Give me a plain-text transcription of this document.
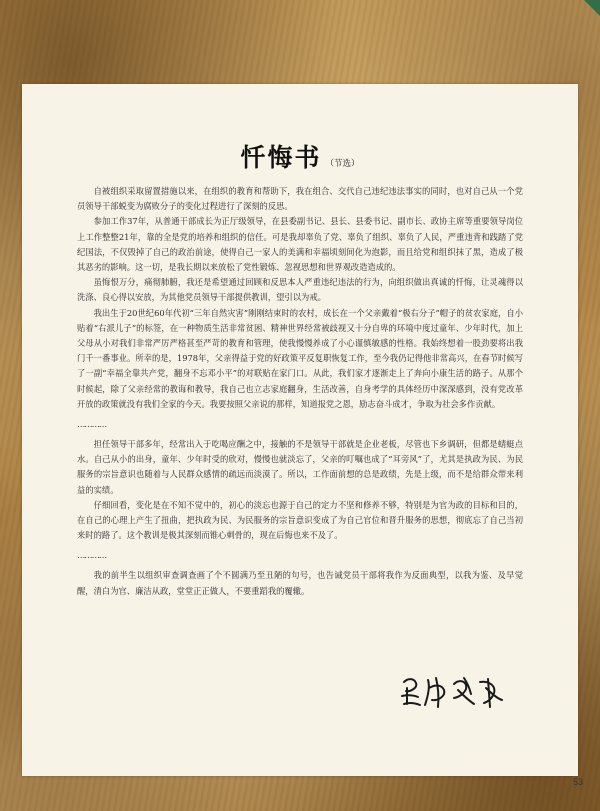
忏悔书 （节选）

自被组织采取留置措施以来，在组织的教育和帮助下，我在组合、交代自己违纪违法事实的同时，也对自己从一个党员领导干部蜕变为腐败分子的变化过程进行了深刻的反思。

参加工作37年，从普通干部成长为正厅级领导，在县委副书记、县长、县委书记、副市长、政协主席等重要领导岗位上工作整整21年，靠的全是党的培养和组织的信任。可是我却辜负了党、辜负了组织、辜负了人民，严重违背和践踏了党纪国法，不仅毁掉了自己的政治前途，使得自己一家人的美满和幸福顷刻间化为泡影，而且给党和组织抹了黑，造成了极其恶劣的影响。这一切，是我长期以来放松了党性锻炼、忽视思想和世界观改造造成的。

虽悔恨万分，痛彻肺腑，我还是希望通过回顾和反思本人严重违纪违法的行为，向组织做出真诚的忏悔，让灵魂得以洗涤、良心得以安放，为其他党员领导干部提供教训，望引以为戒。

我出生于20世纪60年代初“三年自然灾害”刚刚结束时的农村，成长在一个父亲戴着“极右分子”帽子的贫农家庭，自小贴着“右派儿子”的标签，在一种物质生活非常贫困、精神世界经常被歧视又十分自卑的环境中度过童年、少年时代，加上父母从小对我们非常严厉严格甚至严苛的教育和管理，使我慢慢养成了小心谨慎敏感的性格。我始终想着一股劲要将出我门千一番事业。所幸的是，1978年，父亲得益于党的好政策平反复职恢复工作，至今我仍记得他非常高兴，在春节时候写了一副“幸福全靠共产党，翻身不忘邓小平”的对联贴在家门口。从此，我们家才逐渐走上了奔向小康生活的路子。从那个时候起，除了父亲经常的教诲和教导，我自己也立志家庭翻身，生活改善，自身考学的具体经历中深深感到，没有党改革开放的政策就没有我们全家的今天。我要按照父亲说的那样，知道报党之恩，励志奋斗成才，争取为社会多作贡献。

…………

担任领导干部多年，经常出入于吃喝应酬之中，接触的不是领导干部就是企业老板，尽管也下乡调研，但都是蜻蜓点水。自己从小的出身，童年、少年时受的欣对，慢慢也就淡忘了，父亲的叮嘱也成了“耳旁风”了，尤其是执政为民、为民服务的宗旨意识也随着与人民群众感情的疏远而淡漠了。所以，工作面前想的总是政绩，先是上级，而不是给群众带来利益的实绩。

仔细回看，变化是在不知不觉中的，初心的淡忘也源于自己的定力不坚和修养不够，特别是为官为政的目标和目的，在自己的心理上产生了扭曲，把执政为民、为民服务的宗旨意识变成了为自己官位和晋升服务的思想，彻底忘了自己当初来时的路了。这个教训是极其深刻而锥心刺骨的，现在后悔也来不及了。

…………

我的前半生以组织审查调查画了个不圆满乃至丑陋的句号，也告诫党员干部将我作为反面典型，以我为鉴、及早觉醒，清白为官、廉洁从政，堂堂正正做人，不要重蹈我的覆辙。

53
